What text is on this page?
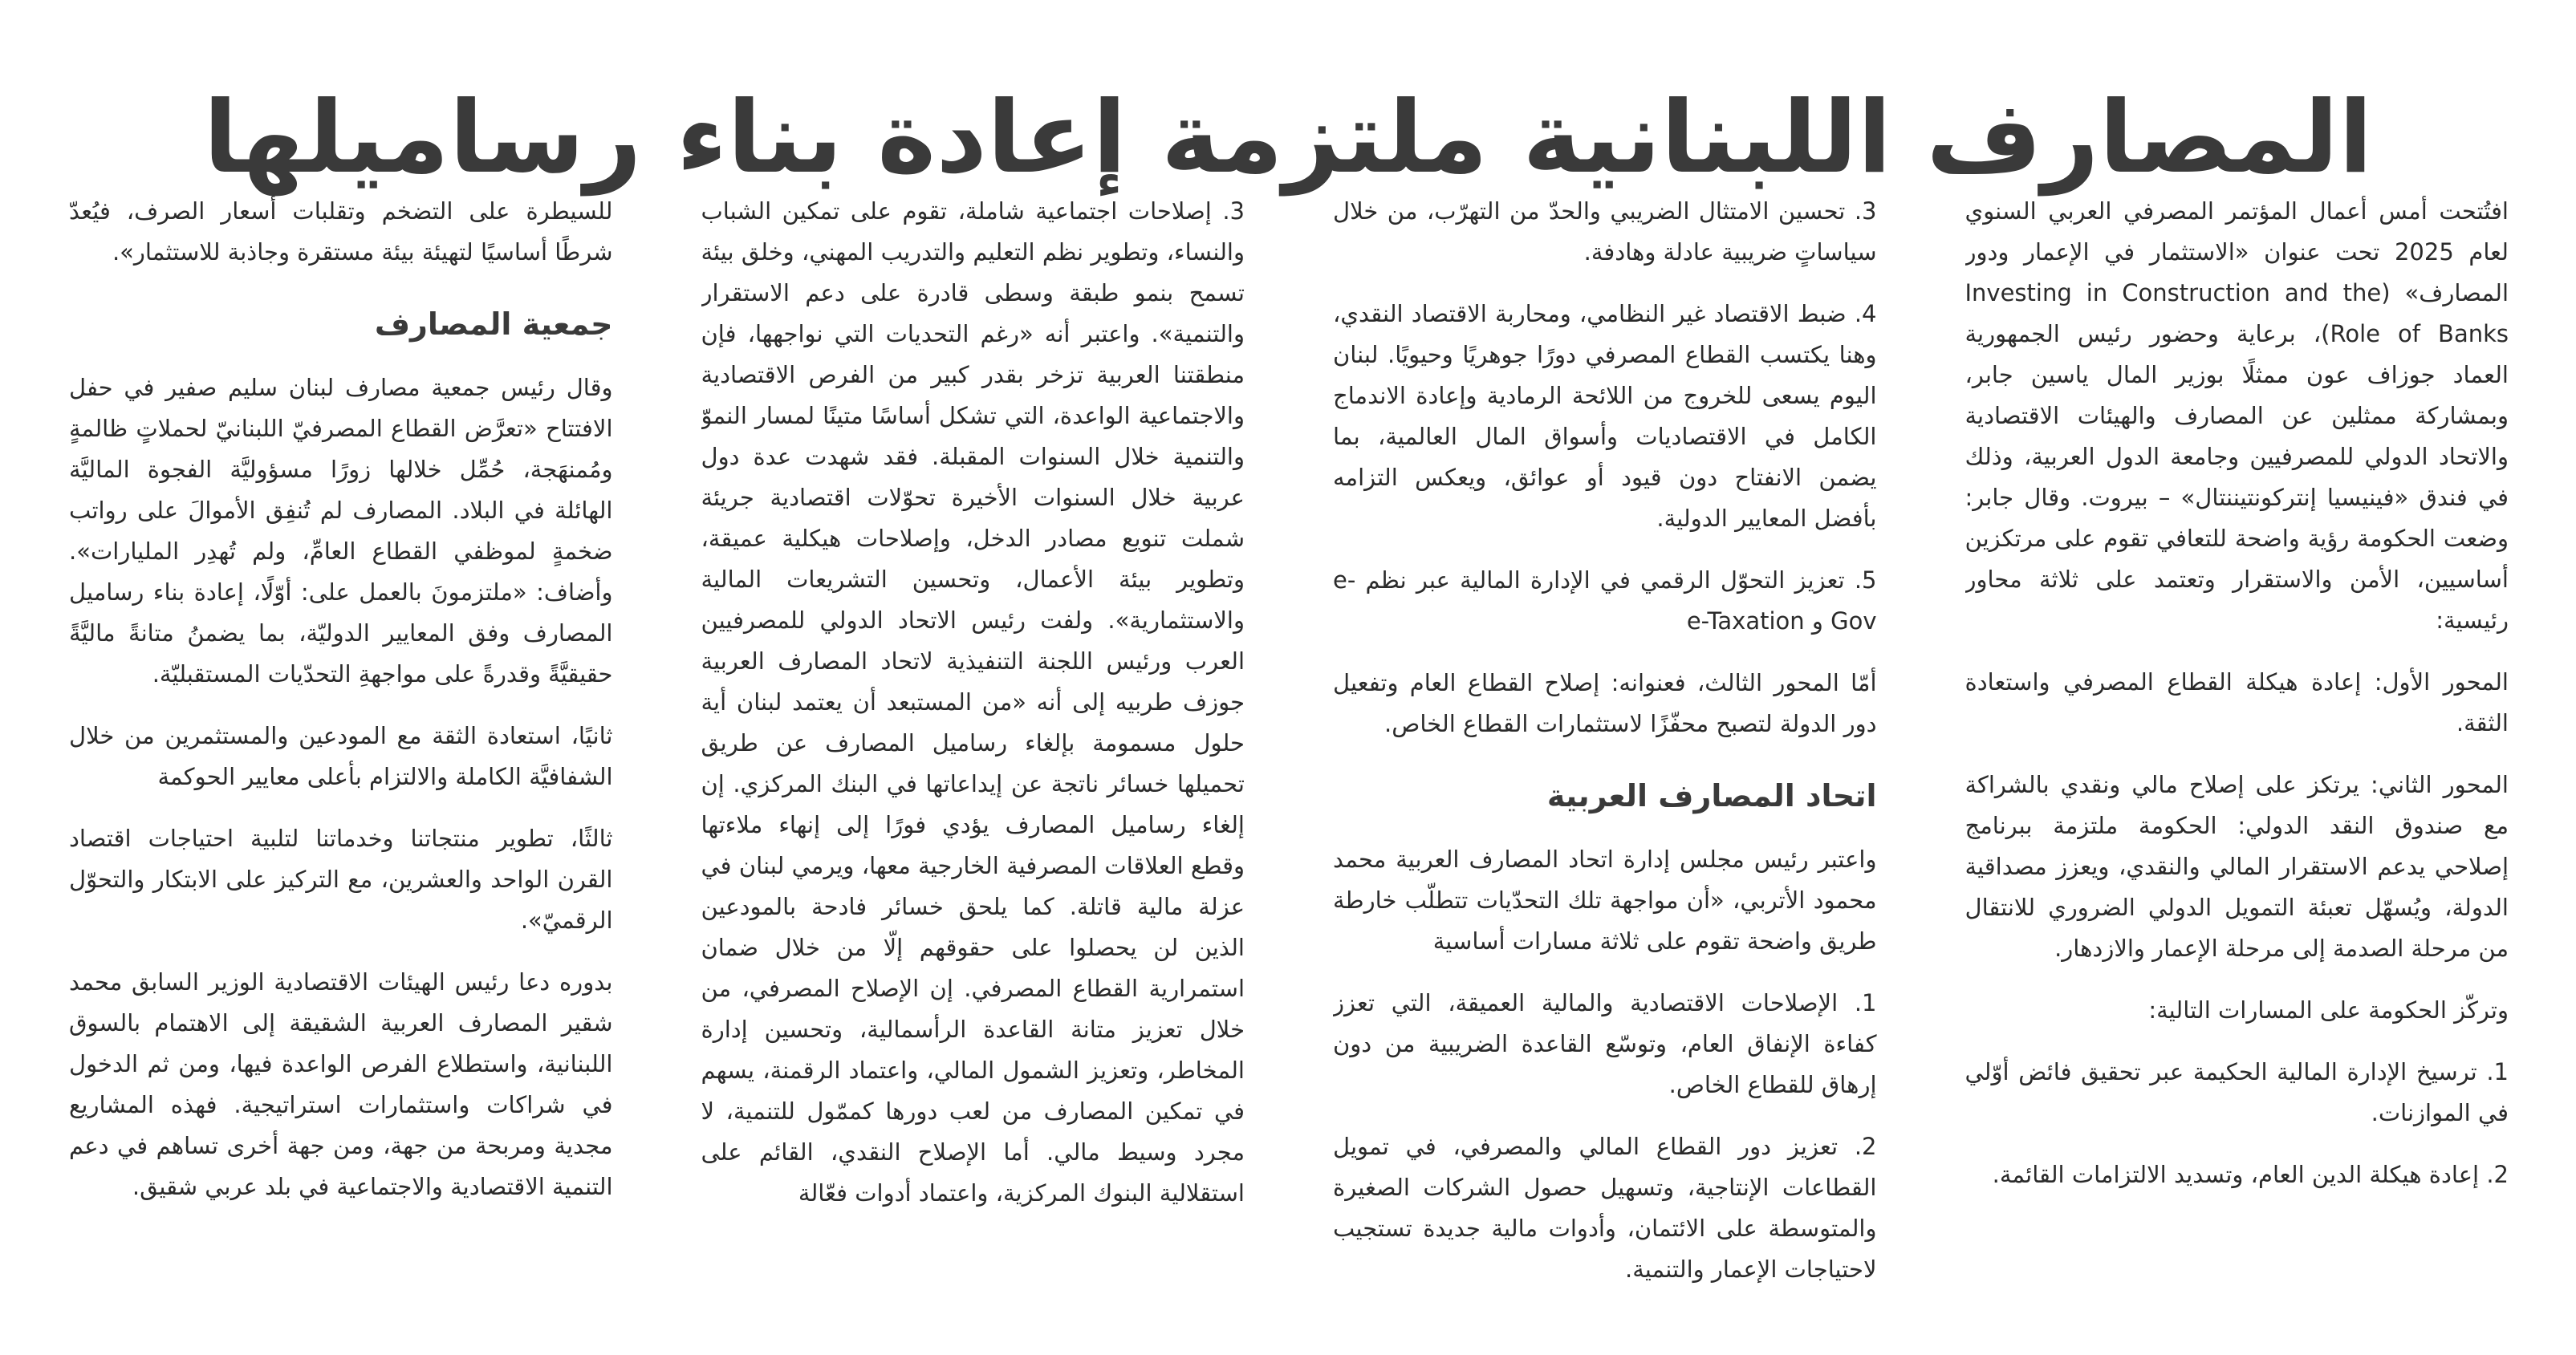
المصارف اللبنانية ملتزمة إعادة بناء رساميلها

افتُتحت أمس أعمال المؤتمر المصرفي العربي السنوي لعام 2025 تحت عنوان «الاستثمار في الإعمار ودور المصارف» (Investing in Construction and the Role of Banks)، برعاية وحضور رئيس الجمهورية العماد جوزاف عون ممثلًا بوزير المال ياسين جابر، وبمشاركة ممثلين عن المصارف والهيئات الاقتصادية والاتحاد الدولي للمصرفيين وجامعة الدول العربية، وذلك في فندق «فينيسيا إنتركونتيننتال» – بيروت. وقال جابر: وضعت الحكومة رؤية واضحة للتعافي تقوم على مرتكزين أساسيين، الأمن والاستقرار وتعتمد على ثلاثة محاور رئيسية:

المحور الأول: إعادة هيكلة القطاع المصرفي واستعادة الثقة.

المحور الثاني: يرتكز على إصلاح مالي ونقدي بالشراكة مع صندوق النقد الدولي: الحكومة ملتزمة ببرنامج إصلاحي يدعم الاستقرار المالي والنقدي، ويعزز مصداقية الدولة، ويُسهّل تعبئة التمويل الدولي الضروري للانتقال من مرحلة الصدمة إلى مرحلة الإعمار والازدهار.

وتركّز الحكومة على المسارات التالية:

1. ترسيخ الإدارة المالية الحكيمة عبر تحقيق فائض أوّلي في الموازنات.

2. إعادة هيكلة الدين العام، وتسديد الالتزامات القائمة.

3. تحسين الامتثال الضريبي والحدّ من التهرّب، من خلال سياساتٍ ضريبية عادلة وهادفة.

4. ضبط الاقتصاد غير النظامي، ومحاربة الاقتصاد النقدي، وهنا يكتسب القطاع المصرفي دورًا جوهريًا وحيويًا. لبنان اليوم يسعى للخروج من اللائحة الرمادية وإعادة الاندماج الكامل في الاقتصاديات وأسواق المال العالمية، بما يضمن الانفتاح دون قيود أو عوائق، ويعكس التزامه بأفضل المعايير الدولية.

5. تعزيز التحوّل الرقمي في الإدارة المالية عبر نظم e-Gov و e-Taxation

أمّا المحور الثالث، فعنوانه: إصلاح القطاع العام وتفعيل دور الدولة لتصبح محفّزًا لاستثمارات القطاع الخاص.

اتحاد المصارف العربية

واعتبر رئيس مجلس إدارة اتحاد المصارف العربية محمد محمود الأتربي، «أن مواجهة تلك التحدّيات تتطلّب خارطة طريق واضحة تقوم على ثلاثة مسارات أساسية

1. الإصلاحات الاقتصادية والمالية العميقة، التي تعزز كفاءة الإنفاق العام، وتوسّع القاعدة الضريبية من دون إرهاق للقطاع الخاص.

2. تعزيز دور القطاع المالي والمصرفي، في تمويل القطاعات الإنتاجية، وتسهيل حصول الشركات الصغيرة والمتوسطة على الائتمان، وأدوات مالية جديدة تستجيب لاحتياجات الإعمار والتنمية.

3. إصلاحات اجتماعية شاملة، تقوم على تمكين الشباب والنساء، وتطوير نظم التعليم والتدريب المهني، وخلق بيئة تسمح بنمو طبقة وسطى قادرة على دعم الاستقرار والتنمية». واعتبر أنه «رغم التحديات التي نواجهها، فإن منطقتنا العربية تزخر بقدر كبير من الفرص الاقتصادية والاجتماعية الواعدة، التي تشكل أساسًا متينًا لمسار النموّ والتنمية خلال السنوات المقبلة. فقد شهدت عدة دول عربية خلال السنوات الأخيرة تحوّلات اقتصادية جريئة شملت تنويع مصادر الدخل، وإصلاحات هيكلية عميقة، وتطوير بيئة الأعمال، وتحسين التشريعات المالية والاستثمارية». ولفت رئيس الاتحاد الدولي للمصرفيين العرب ورئيس اللجنة التنفيذية لاتحاد المصارف العربية جوزف طربيه إلى أنه «من المستبعد أن يعتمد لبنان أية حلول مسمومة بإلغاء رساميل المصارف عن طريق تحميلها خسائر ناتجة عن إيداعاتها في البنك المركزي. إن إلغاء رساميل المصارف يؤدي فورًا إلى إنهاء ملاءتها وقطع العلاقات المصرفية الخارجية معها، ويرمي لبنان في عزلة مالية قاتلة. كما يلحق خسائر فادحة بالمودعين الذين لن يحصلوا على حقوقهم إلّا من خلال ضمان استمرارية القطاع المصرفي. إن الإصلاح المصرفي، من خلال تعزيز متانة القاعدة الرأسمالية، وتحسين إدارة المخاطر، وتعزيز الشمول المالي، واعتماد الرقمنة، يسهم في تمكين المصارف من لعب دورها كممّول للتنمية، لا مجرد وسيط مالي. أما الإصلاح النقدي، القائم على استقلالية البنوك المركزية، واعتماد أدوات فعّالة

للسيطرة على التضخم وتقلبات أسعار الصرف، فيُعدّ شرطًا أساسيًا لتهيئة بيئة مستقرة وجاذبة للاستثمار».

جمعية المصارف

وقال رئيس جمعية مصارف لبنان سليم صفير في حفل الافتتاح «تعرَّض القطاع المصرفيّ اللبنانيّ لحملاتٍ ظالمةٍ ومُمنهَجة، حُمِّل خلالها زورًا مسؤوليَّة الفجوة الماليَّة الهائلة في البلاد. المصارف لم تُنفِق الأموالَ على رواتب ضخمةٍ لموظفي القطاع العامِّ، ولم تُهدِر المليارات». وأضاف: «ملتزمونَ بالعمل على: أوّلًا، إعادة بناء رساميل المصارف وفق المعايير الدوليّة، بما يضمنُ متانةً ماليَّةً حقيقيَّةً وقدرةً على مواجهةِ التحدّيات المستقبليّة.

ثانيًا، استعادة الثقة مع المودعين والمستثمرين من خلال الشفافيَّة الكاملة والالتزام بأعلى معايير الحوكمة

ثالثًا، تطوير منتجاتنا وخدماتنا لتلبية احتياجات اقتصاد القرن الواحد والعشرين، مع التركيز على الابتكار والتحوّل الرقميّ».

بدوره دعا رئيس الهيئات الاقتصادية الوزير السابق محمد شقير المصارف العربية الشقيقة إلى الاهتمام بالسوق اللبنانية، واستطلاع الفرص الواعدة فيها، ومن ثم الدخول في شراكات واستثمارات استراتيجية. فهذه المشاريع مجدية ومربحة من جهة، ومن جهة أخرى تساهم في دعم التنمية الاقتصادية والاجتماعية في بلد عربي شقيق.
